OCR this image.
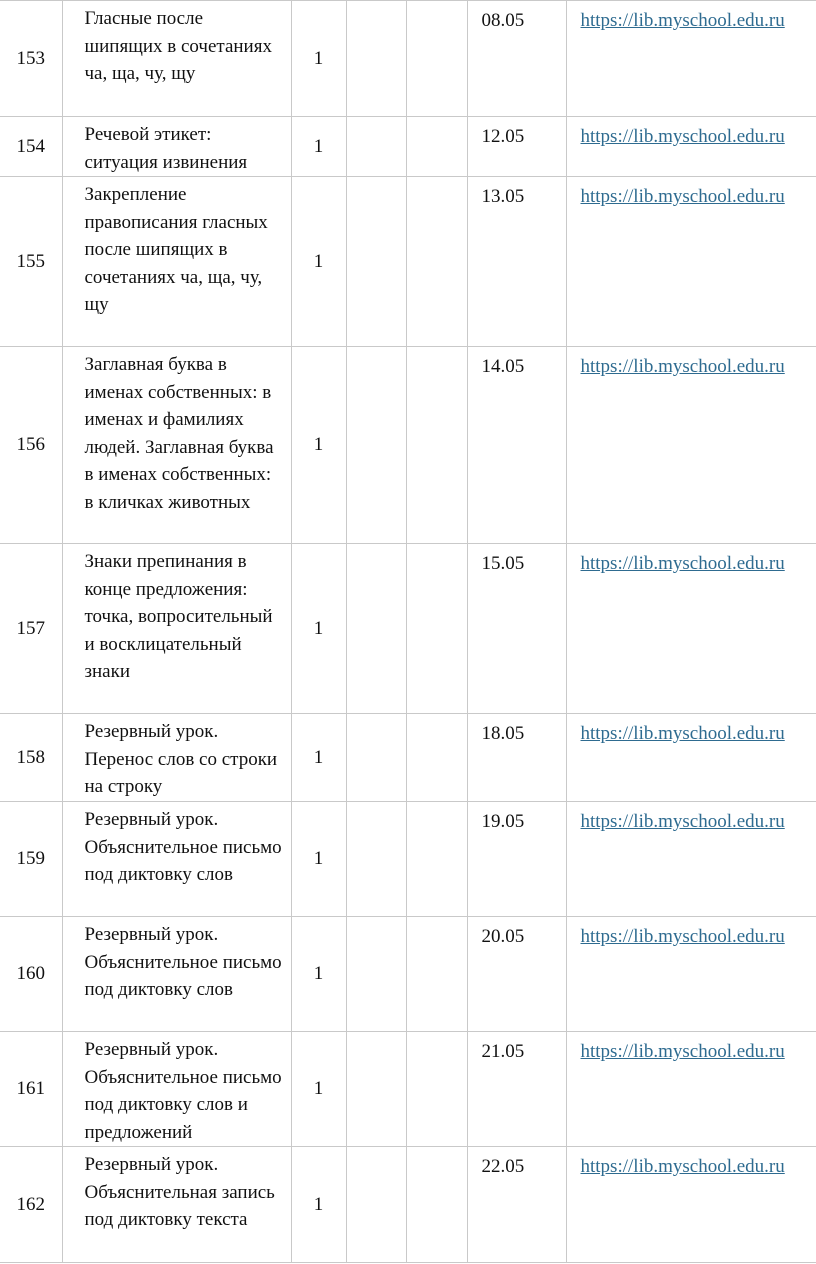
153	Гласные после шипящих в сочетаниях ча, ща, чу, щу	1			08.05	https://lib.myschool.edu.ru
154	Речевой этикет: ситуация извинения	1			12.05	https://lib.myschool.edu.ru
155	Закрепление правописания гласных после шипящих в сочетаниях ча, ща, чу, щу	1			13.05	https://lib.myschool.edu.ru
156	Заглавная буква в именах собственных: в именах и фамилиях людей. Заглавная буква в именах собственных: в кличках животных	1			14.05	https://lib.myschool.edu.ru
157	Знаки препинания в конце предложения: точка, вопросительный и восклицательный знаки	1			15.05	https://lib.myschool.edu.ru
158	Резервный урок. Перенос слов со строки на строку	1			18.05	https://lib.myschool.edu.ru
159	Резервный урок. Объяснительное письмо под диктовку слов	1			19.05	https://lib.myschool.edu.ru
160	Резервный урок. Объяснительное письмо под диктовку слов	1			20.05	https://lib.myschool.edu.ru
161	Резервный урок. Объяснительное письмо под диктовку слов и предложений	1			21.05	https://lib.myschool.edu.ru
162	Резервный урок. Объяснительная запись под диктовку текста	1			22.05	https://lib.myschool.edu.ru
